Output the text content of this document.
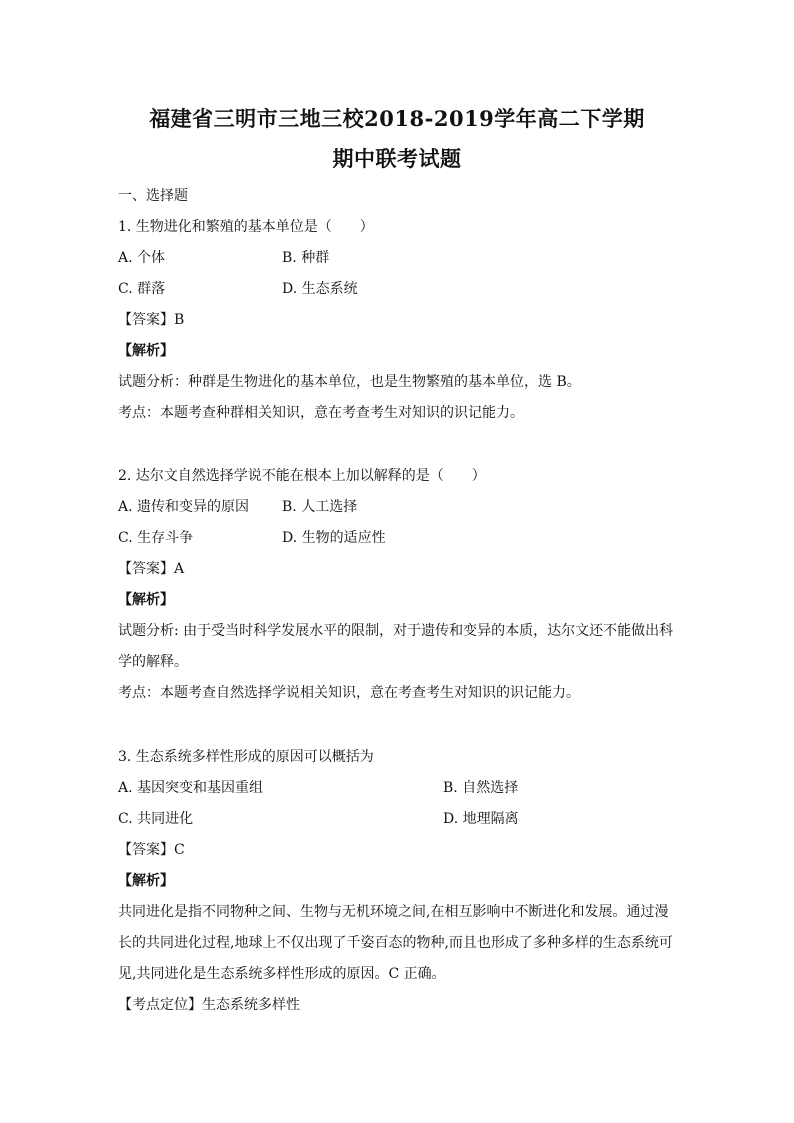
福建省三明市三地三校2018-2019学年高二下学期
期中联考试题
一、选择题
1. 生物进化和繁殖的基本单位是（　　）
A. 个体	B. 种群
C. 群落	D. 生态系统
【答案】B
【解析】
试题分析：种群是生物进化的基本单位，也是生物繁殖的基本单位，选 B。
考点：本题考查种群相关知识，意在考查考生对知识的识记能力。
2. 达尔文自然选择学说不能在根本上加以解释的是（　　）
A. 遗传和变异的原因 B. 人工选择
C. 生存斗争	D. 生物的适应性
【答案】A
【解析】
试题分析: 由于受当时科学发展水平的限制，对于遗传和变异的本质，达尔文还不能做出科
学的解释。
考点：本题考查自然选择学说相关知识，意在考查考生对知识的识记能力。
3. 生态系统多样性形成的原因可以概括为
A. 基因突变和基因重组	B. 自然选择
C. 共同进化	D. 地理隔离
【答案】C
【解析】
共同进化是指不同物种之间、生物与无机环境之间,在相互影响中不断进化和发展。通过漫
长的共同进化过程,地球上不仅出现了千姿百态的物种,而且也形成了多种多样的生态系统可
见,共同进化是生态系统多样性形成的原因。C 正确。
【考点定位】生态系统多样性
